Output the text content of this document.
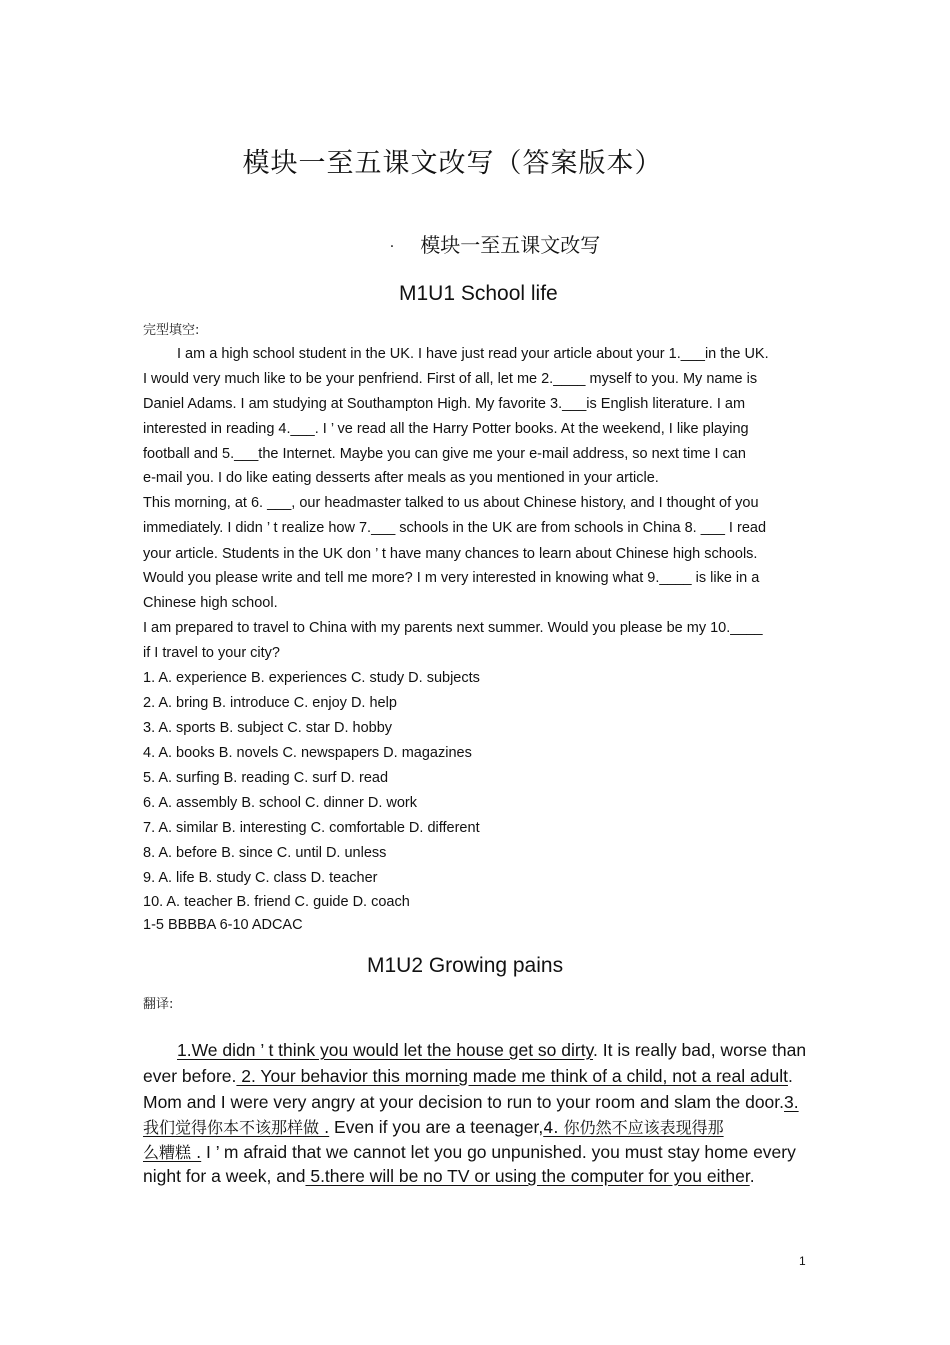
模块一至五课文改写（答案版本）
· 模块一至五课文改写
M1U1 School life
完型填空:
I am a high school student in the UK. I have just read your article about your 1.___in the UK.
I would very much like to be your penfriend. First of all, let me 2.____ myself to you. My name is
Daniel Adams. I am studying at Southampton High. My favorite 3.___is English literature. I am
interested in reading 4.___. I ’ ve read all the Harry Potter books. At the weekend, I like playing
football and 5.___the Internet. Maybe you can give me your e-mail address, so next time I can
e-mail you. I do like eating desserts after meals as you mentioned in your article.
This morning, at 6. ___, our headmaster talked to us about Chinese history, and I thought of you
immediately. I didn ’ t realize how 7.___ schools in the UK are from schools in China 8. ___ I read
your article. Students in the UK don ’ t have many chances to learn about Chinese high schools.
Would you please write and tell me more? I m very interested in knowing what 9.____ is like in a
Chinese high school.
I am prepared to travel to China with my parents next summer. Would you please be my 10.____
if I travel to your city?
1. A. experience B. experiences C. study D. subjects
2. A. bring B. introduce C. enjoy D. help
3. A. sports B. subject C. star D. hobby
4. A. books B. novels C. newspapers D. magazines
5. A. surfing B. reading C. surf D. read
6. A. assembly B. school C. dinner D. work
7. A. similar B. interesting C. comfortable D. different
8. A. before B. since C. until D. unless
9. A. life B. study C. class D. teacher
10. A. teacher B. friend C. guide D. coach
1-5 BBBBA 6-10 ADCAC
M1U2 Growing pains
翻译:
1.We didn ’ t think you would let the house get so dirty. It is really bad, worse than
ever before. 2. Your behavior this morning made me think of a child, not a real adult.
Mom and I were very angry at your decision to run to your room and slam the door.3.
我们觉得你本不该那样做 . Even if you are a teenager,4. 你仍然不应该表现得那
么糟糕 . I ’ m afraid that we cannot let you go unpunished. you must stay home every
night for a week, and 5.there will be no TV or using the computer for you either.
1
